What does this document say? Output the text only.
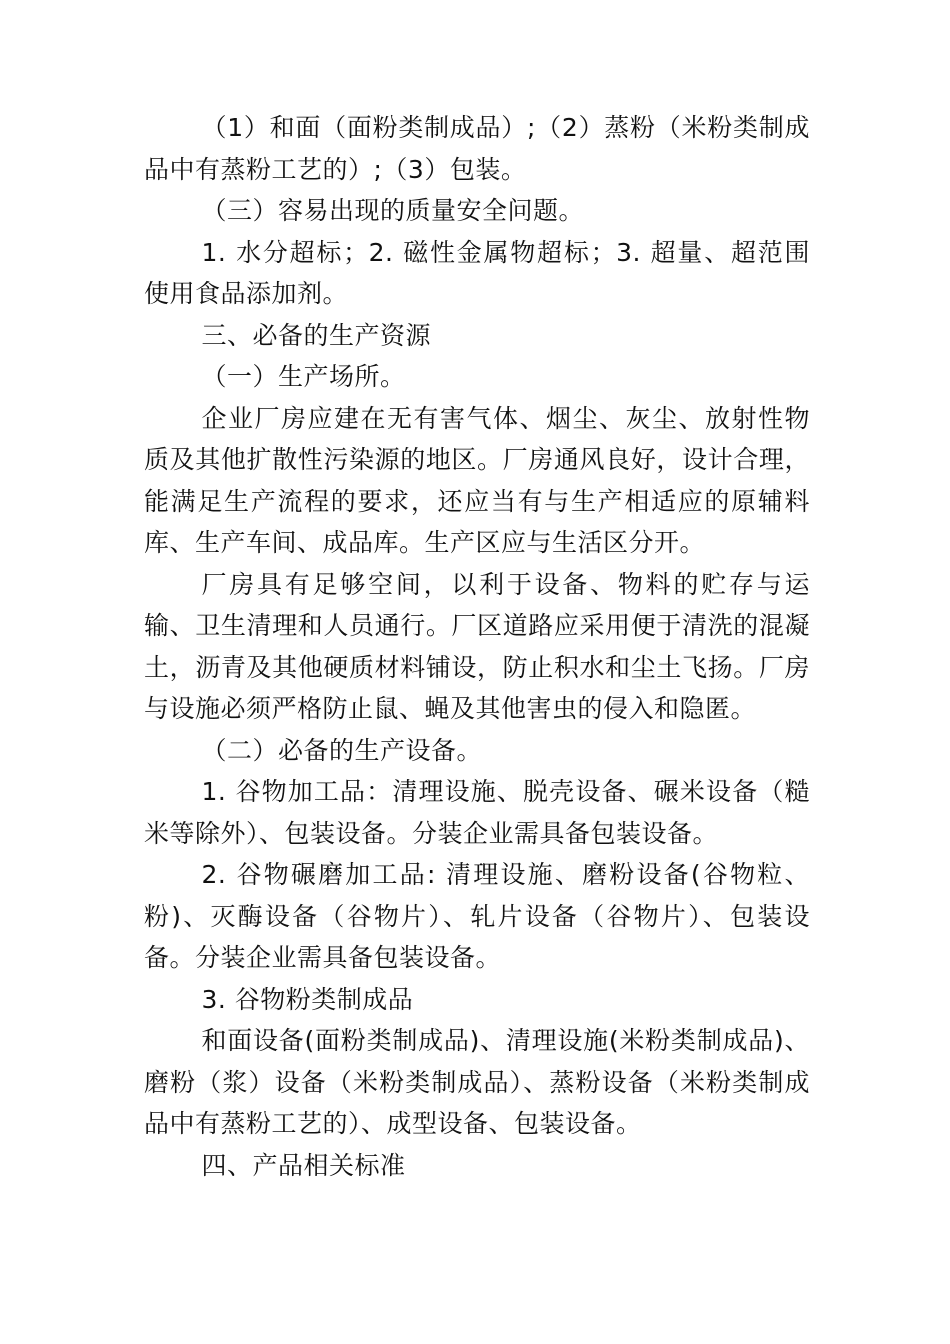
（1）和面（面粉类制成品）;（2）蒸粉（米粉类制成品中有蒸粉工艺的）;（3）包装。

（三）容易出现的质量安全问题。

1. 水分超标；2. 磁性金属物超标；3. 超量、超范围使用食品添加剂。

三、必备的生产资源

（一）生产场所。

企业厂房应建在无有害气体、烟尘、灰尘、放射性物质及其他扩散性污染源的地区。厂房通风良好，设计合理，能满足生产流程的要求，还应当有与生产相适应的原辅料库、生产车间、成品库。生产区应与生活区分开。

厂房具有足够空间，以利于设备、物料的贮存与运输、卫生清理和人员通行。厂区道路应采用便于清洗的混凝土，沥青及其他硬质材料铺设，防止积水和尘土飞扬。厂房与设施必须严格防止鼠、蝇及其他害虫的侵入和隐匿。

（二）必备的生产设备。

1. 谷物加工品：清理设施、脱壳设备、碾米设备（糙米等除外）、包装设备。分装企业需具备包装设备。

2. 谷物碾磨加工品: 清理设施、磨粉设备(谷物粒、粉)、灭酶设备（谷物片）、轧片设备（谷物片）、包装设备。分装企业需具备包装设备。

3. 谷物粉类制成品

和面设备(面粉类制成品)、清理设施(米粉类制成品)、磨粉（浆）设备（米粉类制成品）、蒸粉设备（米粉类制成品中有蒸粉工艺的）、成型设备、包装设备。

四、产品相关标准
